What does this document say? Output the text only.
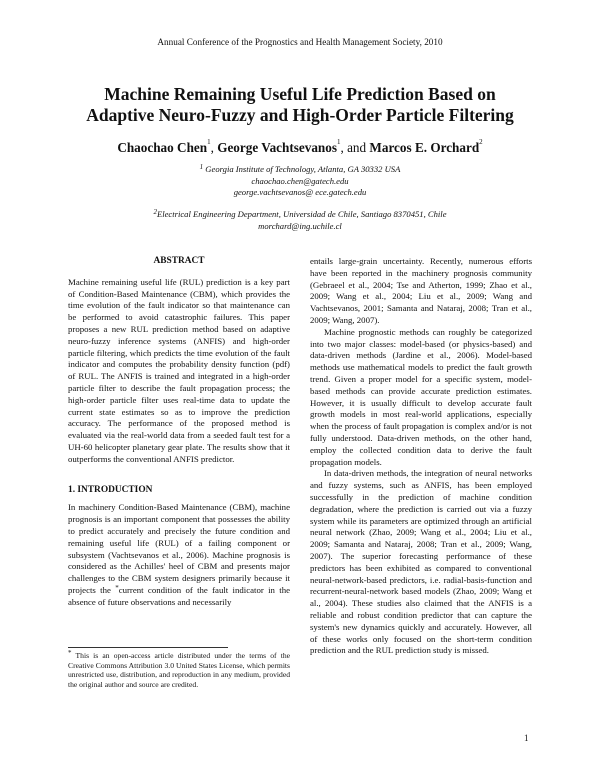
Annual Conference of the Prognostics and Health Management Society, 2010
Machine Remaining Useful Life Prediction Based on
Adaptive Neuro-Fuzzy and High-Order Particle Filtering
Chaochao Chen$^1$, George Vachtsevanos$^1$, and Marcos E. Orchard$^2$
$^1$ Georgia Institute of Technology, Atlanta, GA 30332 USA
chaochao.chen@gatech.edu
george.vachtsevanos@ ece.gatech.edu
$^2$Electrical Engineering Department, Universidad de Chile, Santiago 8370451, Chile
morchard@ing.uchile.cl
ABSTRACT

Machine remaining useful life (RUL) prediction is a key part of Condition-Based Maintenance (CBM), which provides the time evolution of the fault indicator so that maintenance can be performed to avoid catastrophic failures. This paper proposes a new RUL prediction method based on adaptive neuro-fuzzy inference systems (ANFIS) and high-order particle filtering, which predicts the time evolution of the fault indicator and computes the probability density function (pdf) of RUL. The ANFIS is trained and integrated in a high-order particle filter to describe the fault propagation process; the high-order particle filter uses real-time data to update the current state estimates so as to improve the prediction accuracy. The performance of the proposed method is evaluated via the real-world data from a seeded fault test for a UH-60 helicopter planetary gear plate. The results show that it outperforms the conventional ANFIS predictor.

1. INTRODUCTION

In machinery Condition-Based Maintenance (CBM), machine prognosis is an important component that possesses the ability to predict accurately and precisely the future condition and remaining useful life (RUL) of a failing component or subsystem (Vachtsevanos et al., 2006). Machine prognosis is considered as the Achilles' heel of CBM and presents major challenges to the CBM system designers primarily because it projects the *current condition of the fault indicator in the absence of future observations and necessarily

entails large-grain uncertainty. Recently, numerous efforts have been reported in the machinery prognosis community (Gebraeel et al., 2004; Tse and Atherton, 1999; Zhao et al., 2009; Wang et al., 2004; Liu et al., 2009; Wang and Vachtsevanos, 2001; Samanta and Nataraj, 2008; Tran et al., 2009; Wang, 2007).

Machine prognostic methods can roughly be categorized into two major classes: model-based (or physics-based) and data-driven methods (Jardine et al., 2006). Model-based methods use mathematical models to predict the fault growth trend. Given a proper model for a specific system, model-based methods can provide accurate prediction estimates. However, it is usually difficult to develop accurate fault growth models in most real-world applications, especially when the process of fault propagation is complex and/or is not fully understood. Data-driven methods, on the other hand, employ the collected condition data to derive the fault propagation models.

In data-driven methods, the integration of neural networks and fuzzy systems, such as ANFIS, has been employed successfully in the prediction of machine condition degradation, where the prediction is carried out via a fuzzy system while its parameters are optimized through an artificial neural network (Zhao, 2009; Wang et al., 2004; Liu et al., 2009; Samanta and Nataraj, 2008; Tran et al., 2009; Wang, 2007). The superior forecasting performance of these predictors has been exhibited as compared to conventional neural-network-based predictors, i.e. radial-basis-function and recurrent-neural-network based models (Zhao, 2009; Wang et al., 2004). These studies also claimed that the ANFIS is a reliable and robust condition predictor that can capture the system's new dynamics quickly and accurately. However, all of these works only focused on the short-term condition prediction and the RUL prediction study is missed.

* This is an open-access article distributed under the terms of the Creative Commons Attribution 3.0 United States License, which permits unrestricted use, distribution, and reproduction in any medium, provided the original author and source are credited.
1
